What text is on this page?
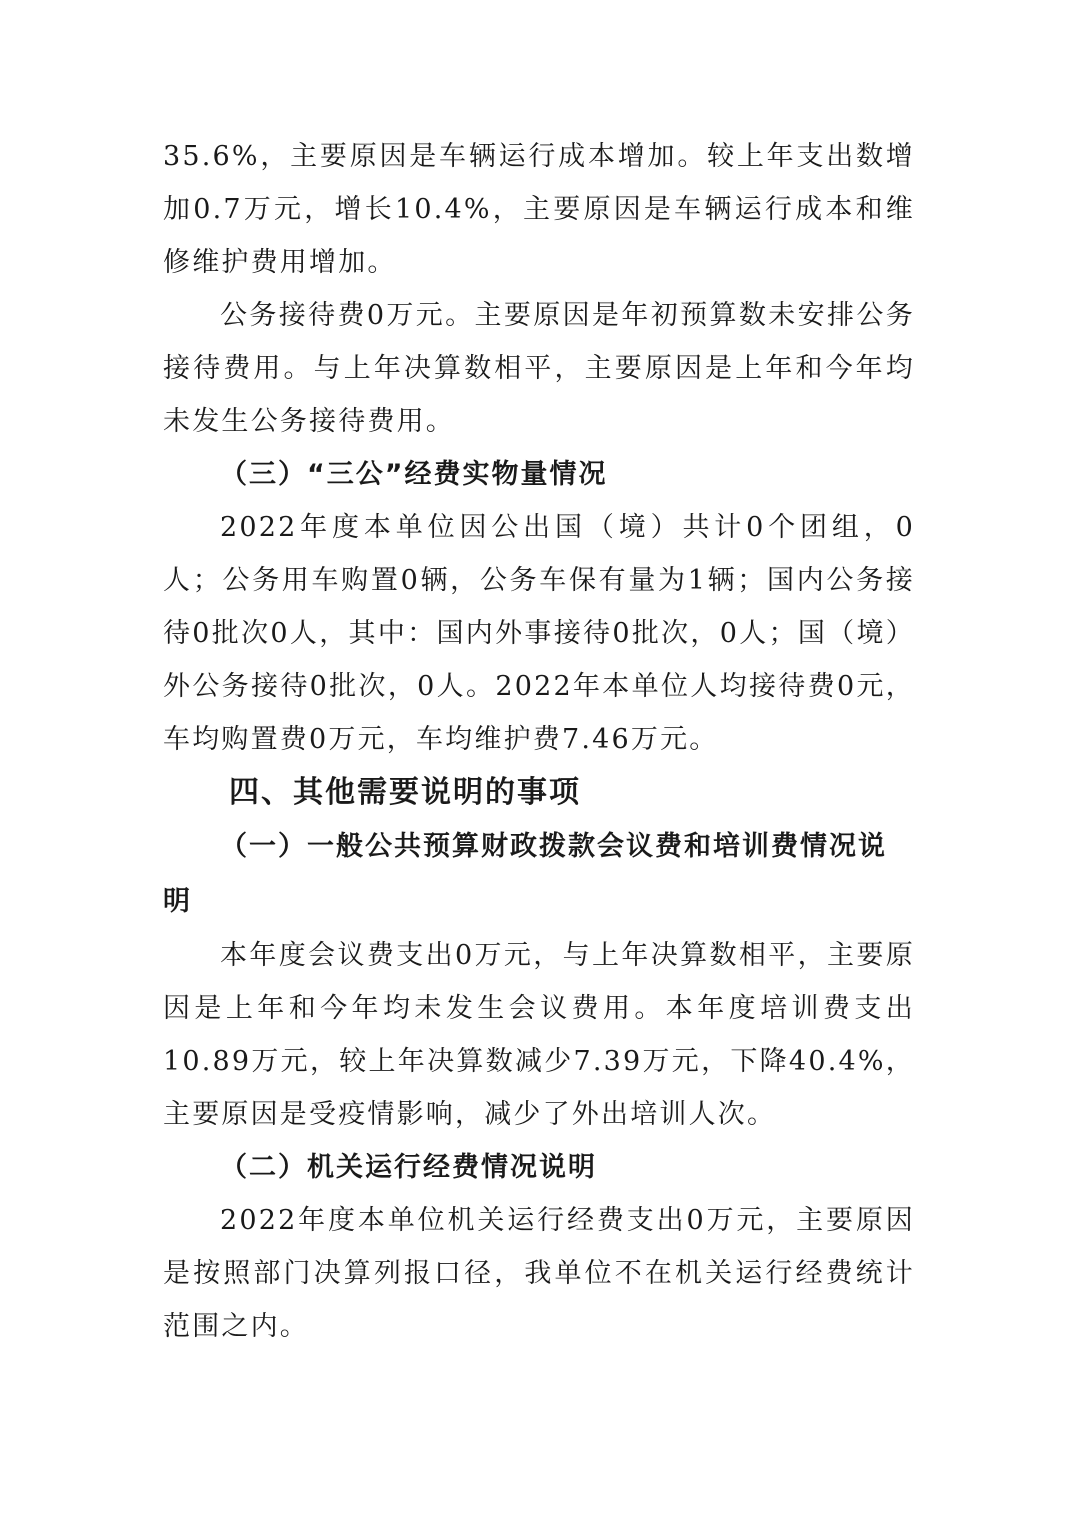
35.6%，主要原因是车辆运行成本增加。较上年支出数增加0.7万元，增长10.4%，主要原因是车辆运行成本和维修维护费用增加。

公务接待费0万元。主要原因是年初预算数未安排公务接待费用。与上年决算数相平，主要原因是上年和今年均未发生公务接待费用。

（三）“三公”经费实物量情况

2022年度本单位因公出国（境）共计0个团组，0人；公务用车购置0辆，公务车保有量为1辆；国内公务接待0批次0人，其中：国内外事接待0批次，0人；国（境）外公务接待0批次，0人。2022年本单位人均接待费0元，车均购置费0万元，车均维护费7.46万元。

四、其他需要说明的事项

（一）一般公共预算财政拨款会议费和培训费情况说明

本年度会议费支出0万元，与上年决算数相平，主要原因是上年和今年均未发生会议费用。本年度培训费支出10.89万元，较上年决算数减少7.39万元，下降40.4%，主要原因是受疫情影响，减少了外出培训人次。

（二）机关运行经费情况说明

2022年度本单位机关运行经费支出0万元，主要原因是按照部门决算列报口径，我单位不在机关运行经费统计范围之内。
